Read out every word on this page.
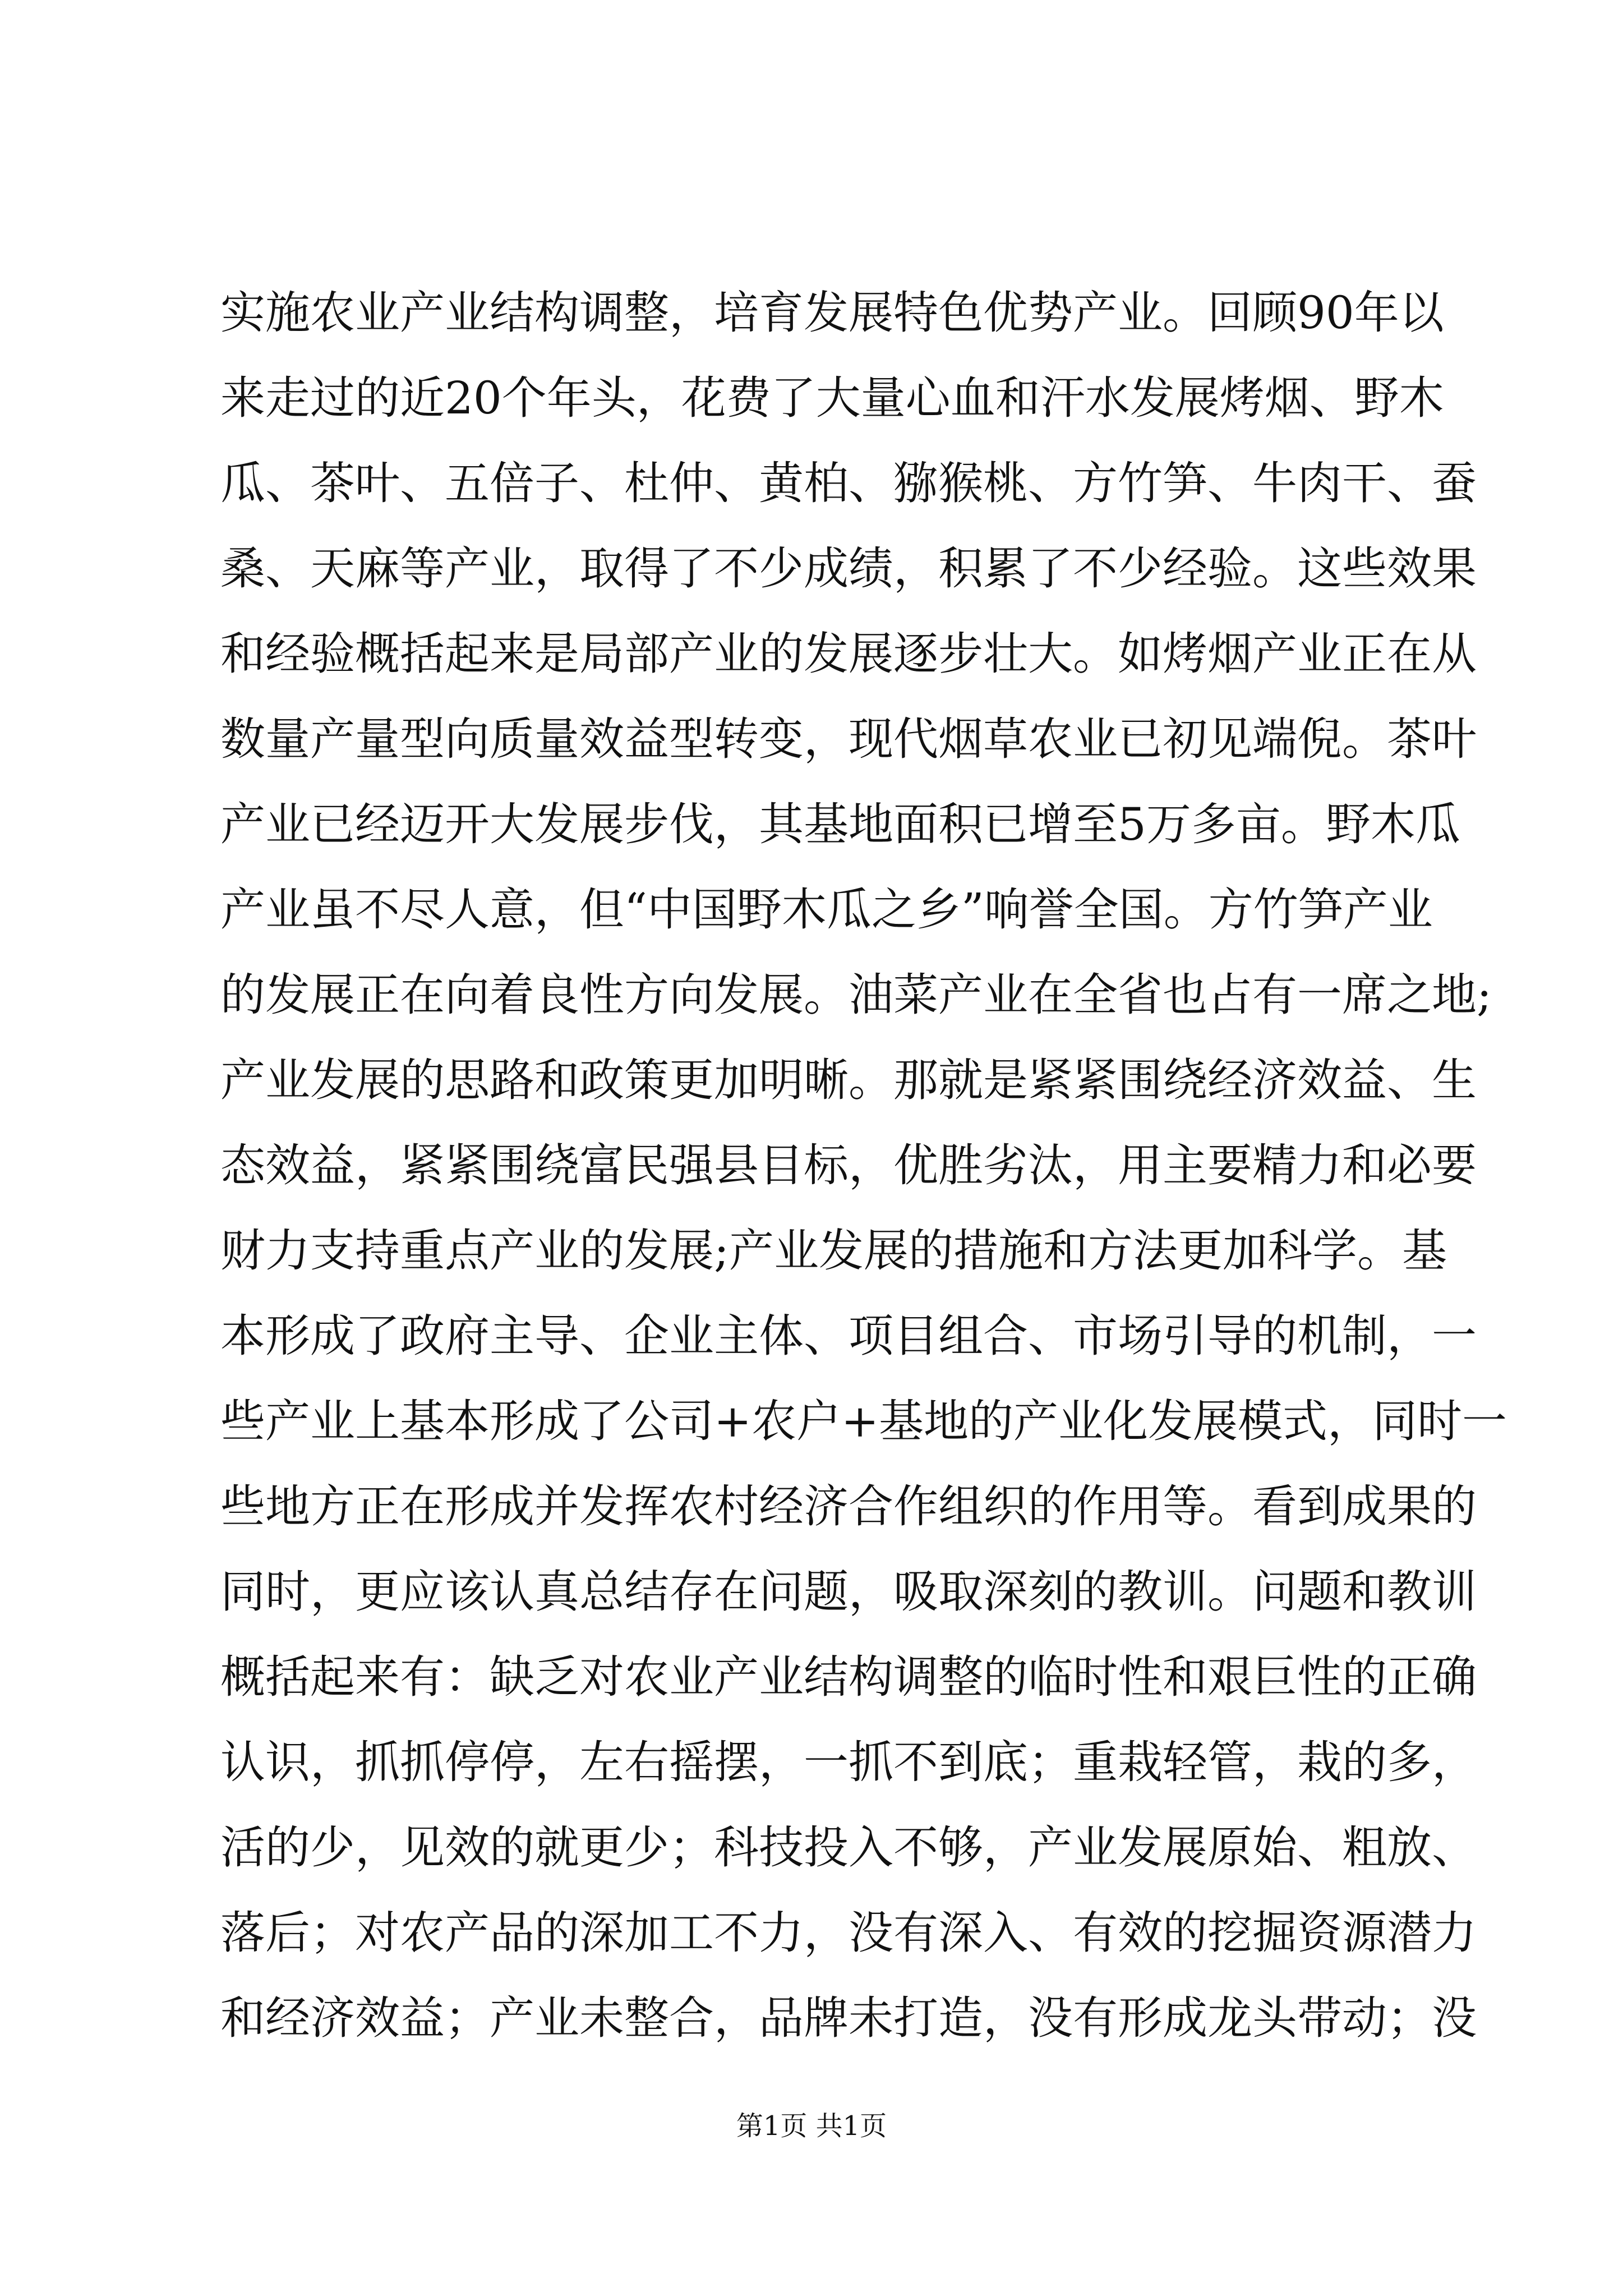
实施农业产业结构调整，培育发展特色优势产业。回顾90年以
来走过的近20个年头，花费了大量心血和汗水发展烤烟、野木
瓜、茶叶、五倍子、杜仲、黄柏、猕猴桃、方竹笋、牛肉干、蚕
桑、天麻等产业，取得了不少成绩，积累了不少经验。这些效果
和经验概括起来是局部产业的发展逐步壮大。如烤烟产业正在从
数量产量型向质量效益型转变，现代烟草农业已初见端倪。茶叶
产业已经迈开大发展步伐，其基地面积已增至5万多亩。野木瓜
产业虽不尽人意，但“中国野木瓜之乡”响誉全国。方竹笋产业
的发展正在向着良性方向发展。油菜产业在全省也占有一席之地;
产业发展的思路和政策更加明晰。那就是紧紧围绕经济效益、生
态效益，紧紧围绕富民强县目标，优胜劣汰，用主要精力和必要
财力支持重点产业的发展;产业发展的措施和方法更加科学。基
本形成了政府主导、企业主体、项目组合、市场引导的机制，一
些产业上基本形成了公司+农户+基地的产业化发展模式，同时一
些地方正在形成并发挥农村经济合作组织的作用等。看到成果的
同时，更应该认真总结存在问题，吸取深刻的教训。问题和教训
概括起来有：缺乏对农业产业结构调整的临时性和艰巨性的正确
认识，抓抓停停，左右摇摆，一抓不到底；重栽轻管，栽的多，
活的少，见效的就更少；科技投入不够，产业发展原始、粗放、
落后；对农产品的深加工不力，没有深入、有效的挖掘资源潜力
和经济效益；产业未整合，品牌未打造，没有形成龙头带动；没
第1页 共1页
